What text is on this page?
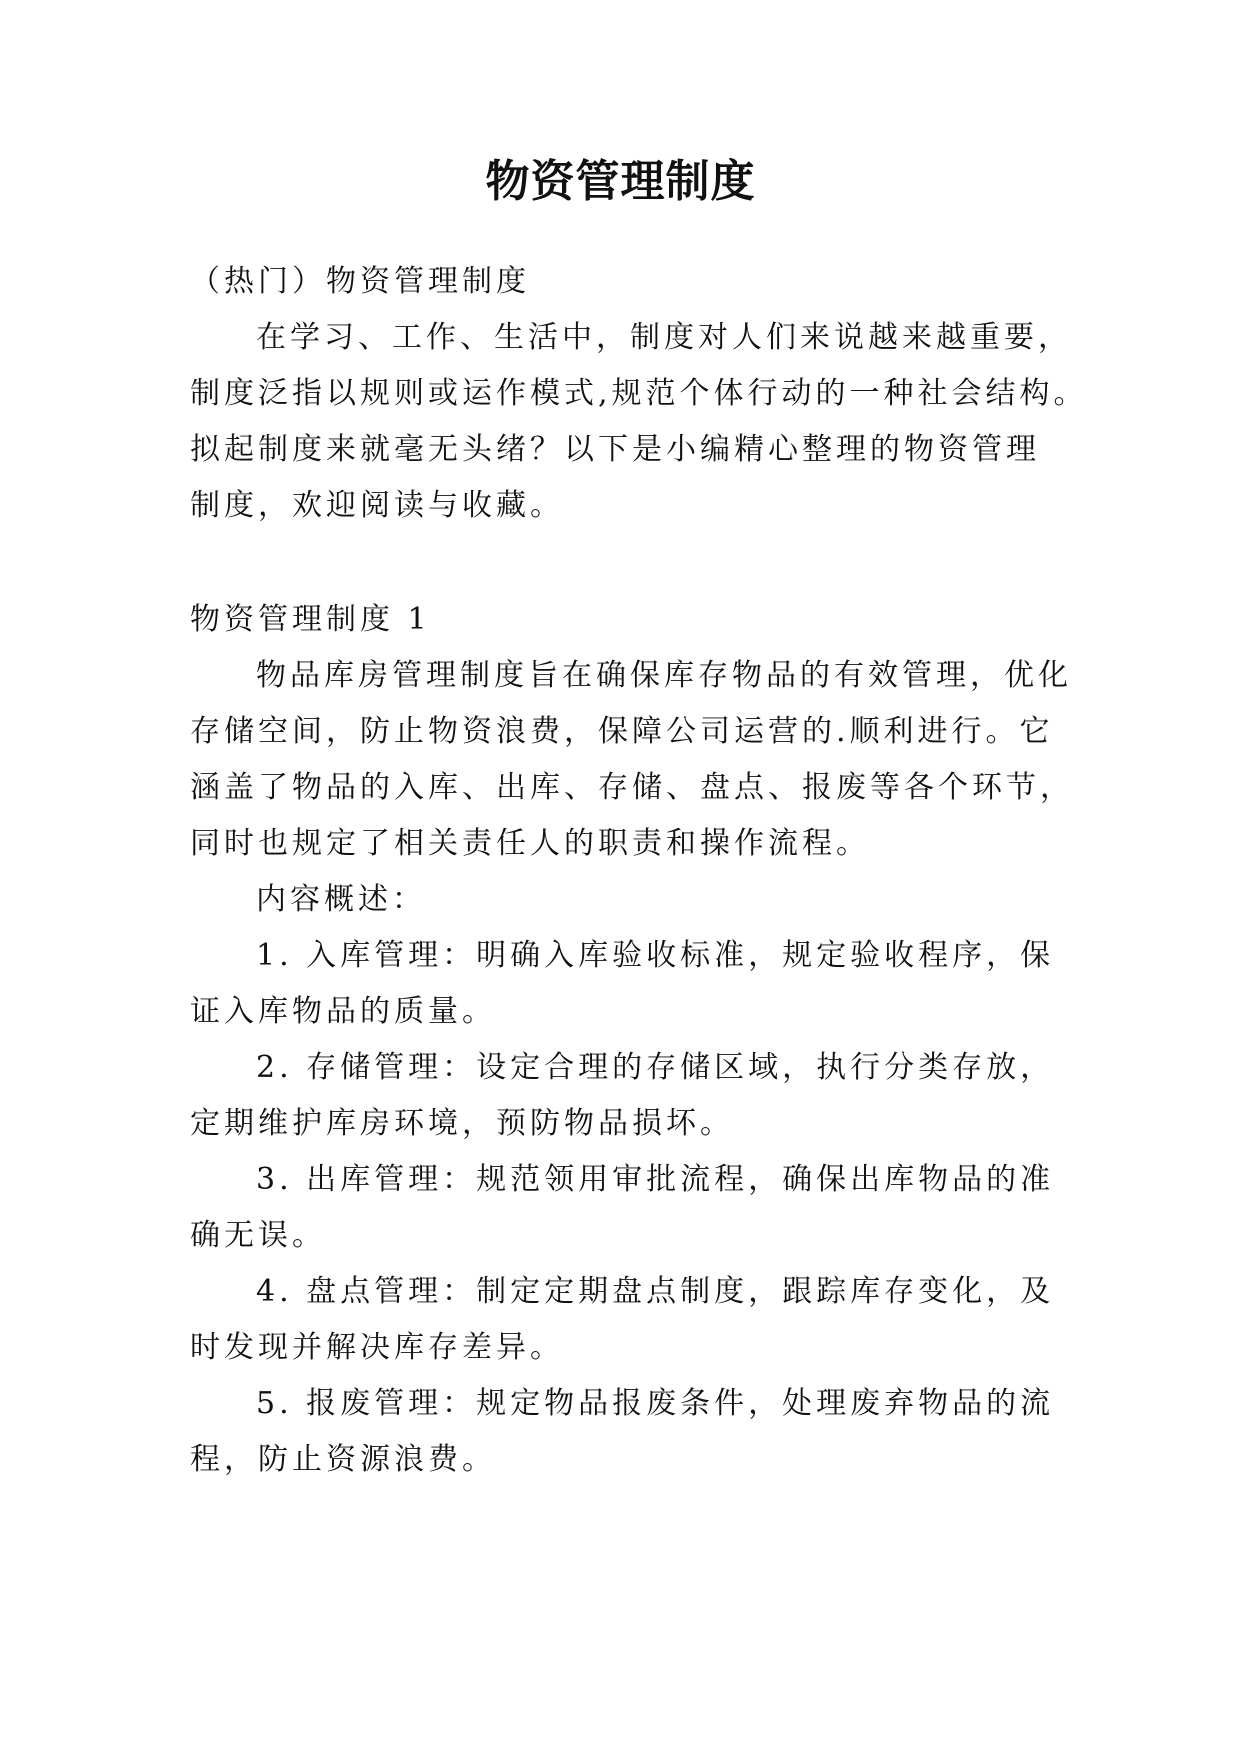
物资管理制度
（热门）物资管理制度
在学习、工作、生活中，制度对人们来说越来越重要，
制度泛指以规则或运作模式,规范个体行动的一种社会结构。
拟起制度来就毫无头绪？以下是小编精心整理的物资管理
制度，欢迎阅读与收藏。
物资管理制度 1
物品库房管理制度旨在确保库存物品的有效管理，优化
存储空间，防止物资浪费，保障公司运营的.顺利进行。它
涵盖了物品的入库、出库、存储、盘点、报废等各个环节，
同时也规定了相关责任人的职责和操作流程。
内容概述：
1. 入库管理：明确入库验收标准，规定验收程序，保
证入库物品的质量。
2. 存储管理：设定合理的存储区域，执行分类存放，
定期维护库房环境，预防物品损坏。
3. 出库管理：规范领用审批流程，确保出库物品的准
确无误。
4. 盘点管理：制定定期盘点制度，跟踪库存变化，及
时发现并解决库存差异。
5. 报废管理：规定物品报废条件，处理废弃物品的流
程，防止资源浪费。
